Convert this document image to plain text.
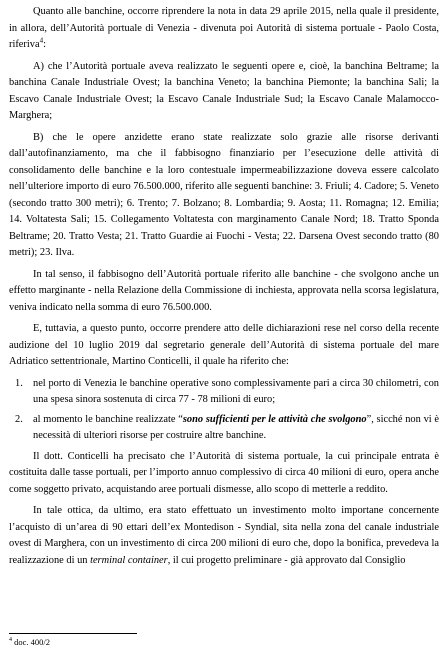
Quanto alle banchine, occorre riprendere la nota in data 29 aprile 2015, nella quale il presidente, in allora, dell’Autorità portuale di Venezia - divenuta poi Autorità di sistema portuale - Paolo Costa, riferiva$^4$:

A) che l’Autorità portuale aveva realizzato le seguenti opere e, cioè, la banchina Beltrame; la banchina Canale Industriale Ovest; la banchina Veneto; la banchina Piemonte; la banchina Sali; la Escavo Canale Industriale Ovest; la Escavo Canale Industriale Sud; la Escavo Canale Malamocco-Marghera;

B) che le opere anzidette erano state realizzate solo grazie alle risorse derivanti dall’autofinanziamento, ma che il fabbisogno finanziario per l’esecuzione delle attività di consolidamento delle banchine e la loro contestuale impermeabilizzazione doveva essere calcolato nell’ulteriore importo di euro 76.500.000, riferito alle seguenti banchine: 3. Friuli; 4. Cadore; 5. Veneto (secondo tratto 300 metri); 6. Trento; 7. Bolzano; 8. Lombardia; 9. Aosta; 11. Romagna; 12. Emilia; 14. Voltatesta Sali; 15. Collegamento Voltatesta con marginamento Canale Nord; 18. Tratto Sponda Beltrame; 20. Tratto Vesta; 21. Tratto Guardie ai Fuochi - Vesta; 22. Darsena Ovest secondo tratto (80 metri); 23. Ilva.

In tal senso, il fabbisogno dell’Autorità portuale riferito alle banchine - che svolgono anche un effetto marginante - nella Relazione della Commissione di inchiesta, approvata nella scorsa legislatura, veniva indicato nella somma di euro 76.500.000.

E, tuttavia, a questo punto, occorre prendere atto delle dichiarazioni rese nel corso della recente audizione del 10 luglio 2019 dal segretario generale dell’Autorità di sistema portuale del mare Adriatico settentrionale, Martino Conticelli, il quale ha riferito che:

1. nel porto di Venezia le banchine operative sono complessivamente pari a circa 30 chilometri, con una spesa sinora sostenuta di circa 77 - 78 milioni di euro;
2. al momento le banchine realizzate “sono sufficienti per le attività che svolgono”, sicché non vi è necessità di ulteriori risorse per costruire altre banchine.

Il dott. Conticelli ha precisato che l’Autorità di sistema portuale, la cui principale entrata è costituita dalle tasse portuali, per l’importo annuo complessivo di circa 40 milioni di euro, opera anche come soggetto privato, acquistando aree portuali dismesse, allo scopo di metterle a reddito.

In tale ottica, da ultimo, era stato effettuato un investimento molto importane concernente l’acquisto di un’area di 90 ettari dell’ex Montedison - Syndial, sita nella zona del canale industriale ovest di Marghera, con un investimento di circa 200 milioni di euro che, dopo la bonifica, prevedeva la realizzazione di un terminal container, il cui progetto preliminare - già approvato dal Consiglio

$^4$ doc. 400/2
